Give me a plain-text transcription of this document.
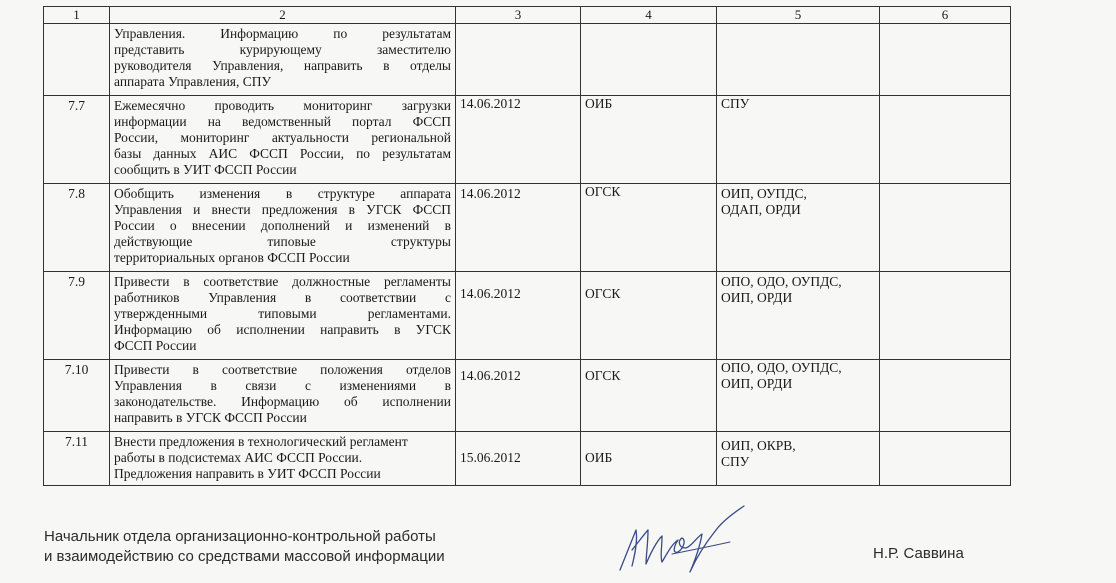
1	2	3	4	5	6

	Управления. Информацию по результатам
представить курирующему заместителю
руководителя Управления, направить в отделы
аппарата Управления, СПУ				

7.7	Ежемесячно проводить мониторинг загрузки
информации на ведомственный портал ФССП
России, мониторинг актуальности региональной
базы данных АИС ФССП России, по результатам
сообщить в УИТ ФССП России	14.06.2012	ОИБ	СПУ	

7.8	Обобщить изменения в структуре аппарата
Управления и внести предложения в УГСК ФССП
России о внесении дополнений и изменений в
действующие типовые структуры
территориальных органов ФССП России	14.06.2012	ОГСК	ОИП, ОУПДС,
ОДАП, ОРДИ	

7.9	Привести в соответствие должностные регламенты
работников Управления в соответствии с
утвержденными типовыми регламентами.
Информацию об исполнении направить в УГСК
ФССП России	14.06.2012	ОГСК	ОПО, ОДО, ОУПДС,
ОИП, ОРДИ	

7.10	Привести в соответствие положения отделов
Управления в связи с изменениями в
законодательстве. Информацию об исполнении
направить в УГСК ФССП России	14.06.2012	ОГСК	ОПО, ОДО, ОУПДС,
ОИП, ОРДИ	

7.11	Внести предложения в технологический регламент
работы в подсистемах АИС ФССП России.
Предложения направить в УИТ ФССП России	15.06.2012	ОИБ	ОИП, ОКРВ,
СПУ	

Начальник отдела организационно-контрольной работы
и взаимодействию со средствами массовой информации	Н.Р. Саввина
